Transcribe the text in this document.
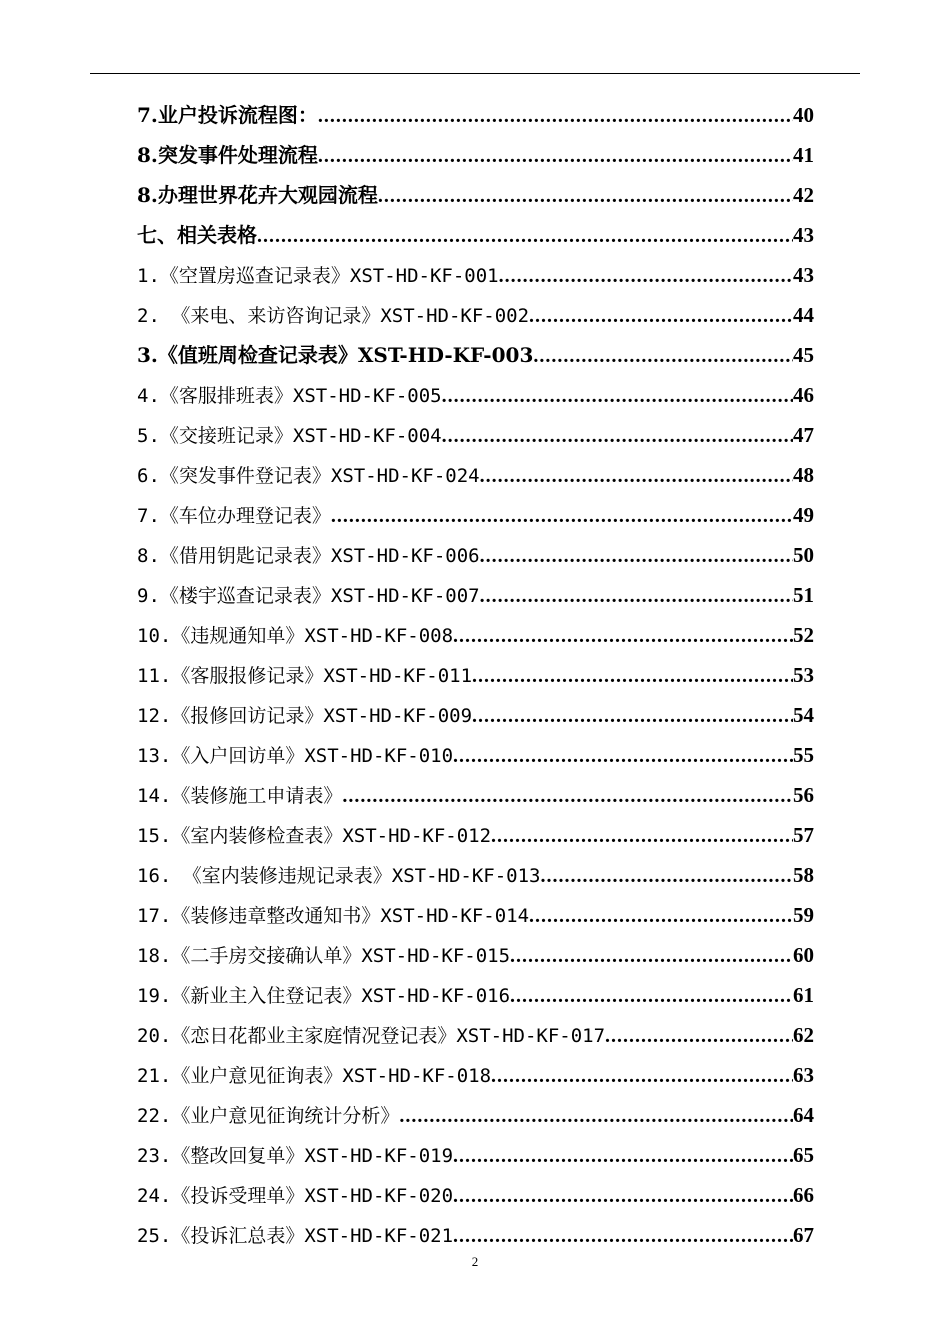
7.业户投诉流程图： .....	40
8.突发事件处理流程 .....	41
8.办理世界花卉大观园流程 .....	42
七、相关表格 .....	43
1.《空置房巡查记录表》XST-HD-KF-001 .....	43
2. 《来电、来访咨询记录》XST-HD-KF-002 .....	44
3.《值班周检查记录表》XST-HD-KF-003 .....	45
4.《客服排班表》XST-HD-KF-005 .....	46
5.《交接班记录》XST-HD-KF-004 .....	47
6.《突发事件登记表》XST-HD-KF-024 .....	48
7.《车位办理登记表》 .....	49
8.《借用钥匙记录表》XST-HD-KF-006 .....	50
9.《楼宇巡查记录表》XST-HD-KF-007 .....	51
10.《违规通知单》XST-HD-KF-008 .....	52
11.《客服报修记录》XST-HD-KF-011 .....	53
12.《报修回访记录》XST-HD-KF-009 .....	54
13.《入户回访单》XST-HD-KF-010 .....	55
14.《装修施工申请表》 .....	56
15.《室内装修检查表》XST-HD-KF-012 .....	57
16. 《室内装修违规记录表》XST-HD-KF-013 .....	58
17.《装修违章整改通知书》XST-HD-KF-014 .....	59
18.《二手房交接确认单》XST-HD-KF-015 .....	60
19.《新业主入住登记表》XST-HD-KF-016 .....	61
20.《恋日花都业主家庭情况登记表》XST-HD-KF-017 .....	62
21.《业户意见征询表》XST-HD-KF-018 .....	63
22.《业户意见征询统计分析》 .....	64
23.《整改回复单》XST-HD-KF-019 .....	65
24.《投诉受理单》XST-HD-KF-020 .....	66
25.《投诉汇总表》XST-HD-KF-021 .....	67
2
